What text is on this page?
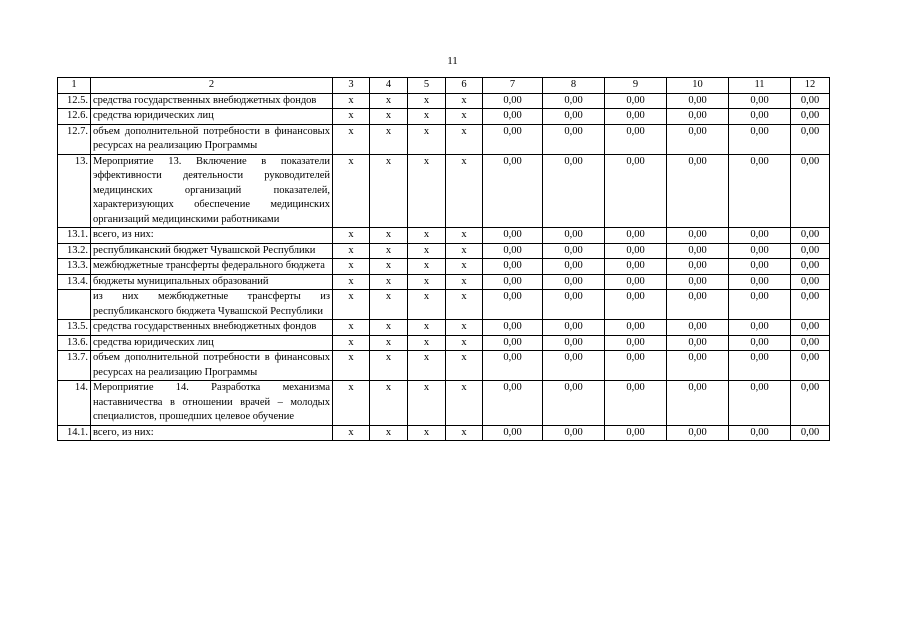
11
1	2	3	4	5	6	7	8	9	10	11	12
12.5.	средства государственных внебюджетных фондов	х	х	х	х	0,00	0,00	0,00	0,00	0,00	0,00
12.6.	средства юридических лиц	х	х	х	х	0,00	0,00	0,00	0,00	0,00	0,00
12.7.	объем дополнительной потребности в финансовых ресурсах на реализацию Программы	х	х	х	х	0,00	0,00	0,00	0,00	0,00	0,00
13.	Мероприятие 13. Включение в показатели эффективности деятельности руководителей медицинских организаций показателей, характеризующих обеспечение медицинских организаций медицинскими работниками	х	х	х	х	0,00	0,00	0,00	0,00	0,00	0,00
13.1.	всего, из них:	х	х	х	х	0,00	0,00	0,00	0,00	0,00	0,00
13.2.	республиканский бюджет Чувашской Республики	х	х	х	х	0,00	0,00	0,00	0,00	0,00	0,00
13.3.	межбюджетные трансферты федерального бюджета	х	х	х	х	0,00	0,00	0,00	0,00	0,00	0,00
13.4.	бюджеты муниципальных образований	х	х	х	х	0,00	0,00	0,00	0,00	0,00	0,00
	из них межбюджетные трансферты из республиканского бюджета Чувашской Республики	х	х	х	х	0,00	0,00	0,00	0,00	0,00	0,00
13.5.	средства государственных внебюджетных фондов	х	х	х	х	0,00	0,00	0,00	0,00	0,00	0,00
13.6.	средства юридических лиц	х	х	х	х	0,00	0,00	0,00	0,00	0,00	0,00
13.7.	объем дополнительной потребности в финансовых ресурсах на реализацию Программы	х	х	х	х	0,00	0,00	0,00	0,00	0,00	0,00
14.	Мероприятие 14. Разработка механизма наставничества в отношении врачей – молодых специалистов, прошедших целевое обучение	х	х	х	х	0,00	0,00	0,00	0,00	0,00	0,00
14.1.	всего, из них:	х	х	х	х	0,00	0,00	0,00	0,00	0,00	0,00
